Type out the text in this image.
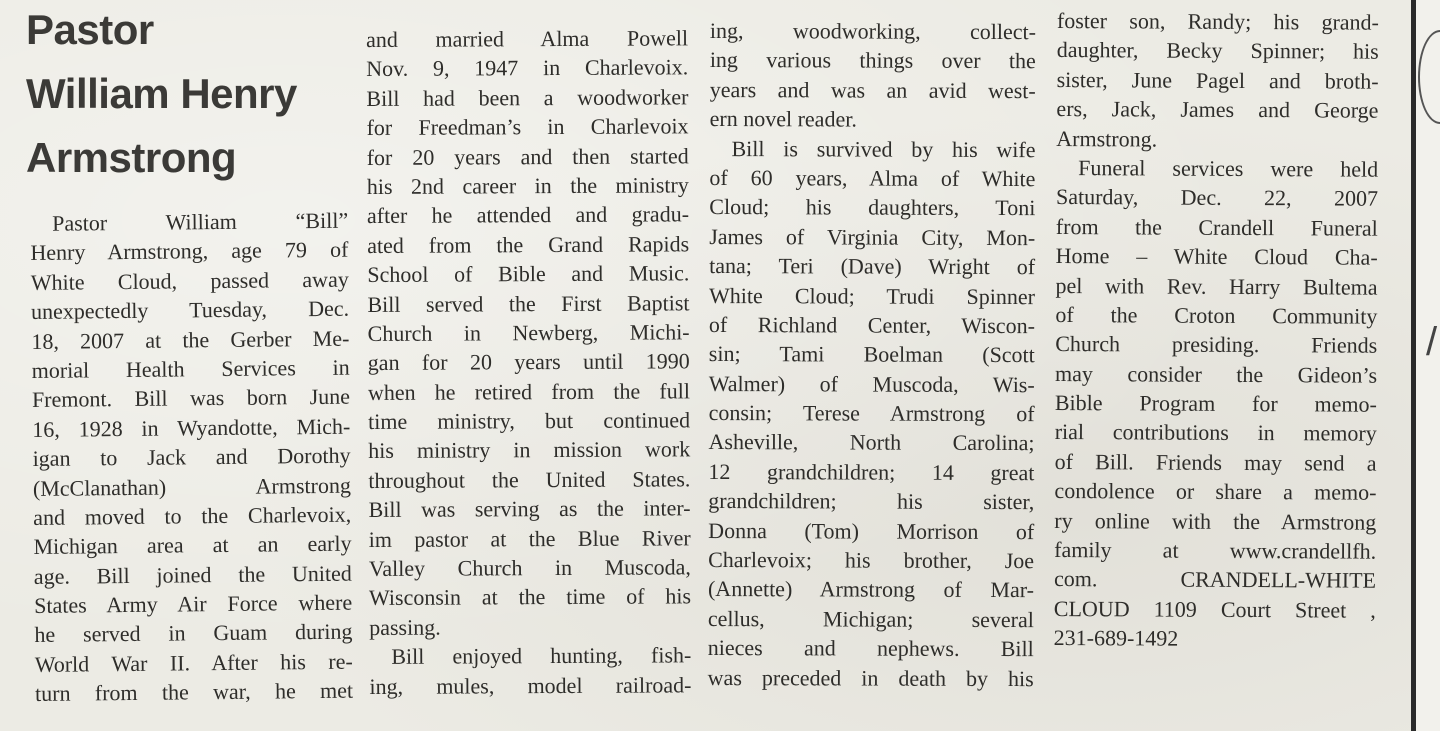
Pastor
William Henry
Armstrong
Pastor William “Bill”
Henry Armstrong, age 79 of
White Cloud, passed away
unexpectedly Tuesday, Dec.
18, 2007 at the Gerber Me-
morial Health Services in
Fremont. Bill was born June
16, 1928 in Wyandotte, Mich-
igan to Jack and Dorothy
(McClanathan) Armstrong
and moved to the Charlevoix,
Michigan area at an early
age. Bill joined the United
States Army Air Force where
he served in Guam during
World War II. After his re-
turn from the war, he met
and married Alma Powell
Nov. 9, 1947 in Charlevoix.
Bill had been a woodworker
for Freedman’s in Charlevoix
for 20 years and then started
his 2nd career in the ministry
after he attended and gradu-
ated from the Grand Rapids
School of Bible and Music.
Bill served the First Baptist
Church in Newberg, Michi-
gan for 20 years until 1990
when he retired from the full
time ministry, but continued
his ministry in mission work
throughout the United States.
Bill was serving as the inter-
im pastor at the Blue River
Valley Church in Muscoda,
Wisconsin at the time of his
passing.
Bill enjoyed hunting, fish-
ing, mules, model railroad-
ing, woodworking, collect-
ing various things over the
years and was an avid west-
ern novel reader.
Bill is survived by his wife
of 60 years, Alma of White
Cloud; his daughters, Toni
James of Virginia City, Mon-
tana; Teri (Dave) Wright of
White Cloud; Trudi Spinner
of Richland Center, Wiscon-
sin; Tami Boelman (Scott
Walmer) of Muscoda, Wis-
consin; Terese Armstrong of
Asheville, North Carolina;
12 grandchildren; 14 great
grandchildren; his sister,
Donna (Tom) Morrison of
Charlevoix; his brother, Joe
(Annette) Armstrong of Mar-
cellus, Michigan; several
nieces and nephews. Bill
was preceded in death by his
foster son, Randy; his grand-
daughter, Becky Spinner; his
sister, June Pagel and broth-
ers, Jack, James and George
Armstrong.
Funeral services were held
Saturday, Dec. 22, 2007
from the Crandell Funeral
Home – White Cloud Cha-
pel with Rev. Harry Bultema
of the Croton Community
Church presiding. Friends
may consider the Gideon’s
Bible Program for memo-
rial contributions in memory
of Bill. Friends may send a
condolence or share a memo-
ry online with the Armstrong
family at www.crandellfh.
com. CRANDELL-WHITE
CLOUD 1109 Court Street ,
231-689-1492
/
